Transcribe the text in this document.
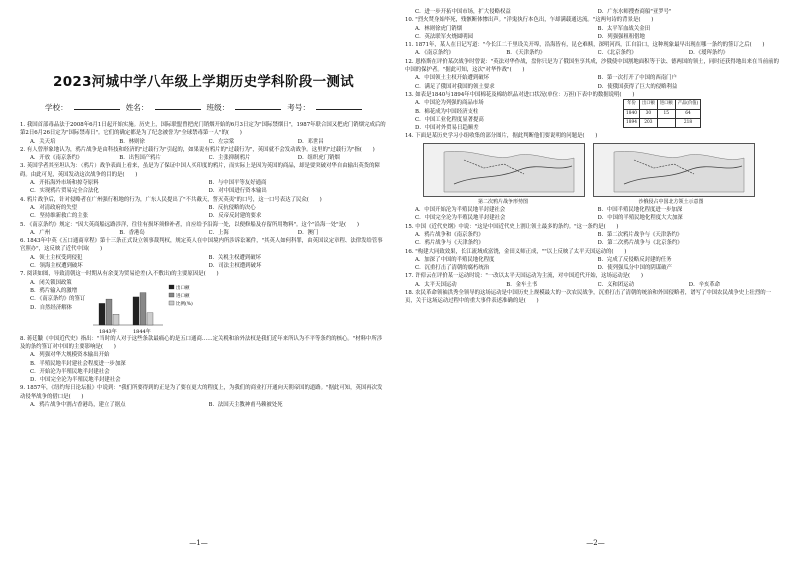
2023河城中学八年级上学期历史学科阶段一测试
学校：	姓名：	班级：	考号：
1. 我国首部毒品法于2008年6月1日起开始实施。历史上，国际联盟曾把虎门销烟开始的6月3日定为"国际禁烟日"，1987年联合国又把虎门销烟完成后的第2日6月26日定为"国际禁毒日"。它们的确定都是为了纪念被誉为"全球禁毒第一人"的(　　)
A．关天培	B．林则徐	C．左宗棠	D．邓世昌
2. 有人曾形象地认为，鸦片战争是由科技和经济的"过载行为"引起的，如果说有鸦片的"过载行为"，英国就不会发动战争。这里的"过载行为"指(　　)
A．开放《南京条约》	B．出售国产鸦片	C．主张抑制鸦片	D．组织虎门销烟
3. 英国学者其至坦认为：（鸦片）战争表面上看来，虽是为了保证中国人买印度的鸦片，而实际上是因为英国的商品，却是要突破对华自由输出英货的障碍。由此可见，英国发动这次战争的目的是(　　)
A．开拓海外市场和掠夺原料	B．与中国平等友好通商
C．实现鸦片贸易完全合法化	D．对中国进行资本输出
4. 鸦片战争后，针对侵略者在广州强行租地的行为，广东人民提出了"不共戴天，誓灭英夷"的口号，这一口号表达了民众(　　)
A．对清政府的失望	B．反抗侵略的决心
C．坚持维新救亡的主张	D．反帝反封建的要求
5. 《南京条约》规定："因大英商船远路涉洋，往往有损坏须修补者，自应给予沿海一处，以便修船及存留所用物料"。这个"沿海一处"是(　　)
A．广州	B．香港岛	C．上海	D．澳门
6. 1843年中英《五口通商章程》第十三条正式设立领事裁判权，规定英人在中国境内所涉诉讼案件，"其英人如何科罪，由英国议定章程、法律发给管事官照办"，这反映了近代中国(　　)
A．领土主权受到侵犯	B．关税主权遭到破坏
C．领海主权遭到破坏	D．司法主权遭到破坏
7. 阅读如图，导致清朝这一时期从有余变为贸易逆差(入不敷出)的主要原因是(　　)
A．闭关锁国政策
B．鸦片输入的激增
C．《南京条约》的签订
D．自然经济解体
1843年	1844年
出口额
进口额
比例(%)
8. 蒋廷黻《中国近代史》指出："当时的人对于这些条款最痛心的是五口通商……定关税和治外法权是我们近年来所认为不平等条约的核心。"材料中所涉及的条约签订对中国的主要影响是(　　)
A．列强对华大规模资本输出开始
B．半殖民地半封建社会程度进一步加深
C．开始沦为半殖民地半封建社会
D．中国完全沦为半殖民地半封建社会
9. 1857年，《纽约每日论坛报》中说到："我们所要得到的正是为了要在更大的程度上，为我们的商业打开通向天朝帝国的道路。"据此可知，英国再次发动侵华战争的借口是(　　)
A．鸦片战争中割占香港岛，建立了据点	B．法国天主教神甫马赖被处死
—1—
C．进一步开拓中国市场，扩大侵略权益	D．广东水师搜查商船"亚罗号"
10. "烈火焚身始毕死，残骸断体惨出声。"洋鬼执行本色出，乍却满载通达流。"这两句诗的背景是(　　)
A．林则徐虎门销烟	B．太平军血战关金田
C．英法联军火烧圆明园	D．列强强租租借地
11. 1871年，某人在日记写道："今长江二千里设关开埠，沿海皆有，昆仑难赎，深明河西，江自沿口，这种现象最早出现在哪一条约的签订之后(　　)
A．《南京条约》	B．《天津条约》	C．《北京条约》	D．《瑷珲条约》
12. 恩格斯在评价某次战争时曾说："英法对华作战，盘你只是为了俄国坐享其成，沙俄使中国割地面积等于法、德两国的领土，同时还获得地出来在当前前的中国的保护者。"据此可知，这次"对华作战"(　　)
A．中国领土主权开始遭到破坏	B．第一次打开了中国的西南门户
C．满足了俄国对我国的领土要求	D．使俄国获得了巨大的侵略利益
13. 如表是1840与1894年中国棉花及棉纺织品对进口状况(单位：万担)下表中的数据说明(　　)
A．中国沦为列强的商品市场
B．棉花成为中国经济支柱
C．中国工业化程度显著提高
D．中国对外贸易日趋顺差
年份	出口额	进口额	产品(价值)
1840	30	15	64
1894	203		218
14. 下面是某历史学习小组收集的部分图片，据此判断他们要说明的问题是(　　)
第二次鸦片战争形势图	沙俄侵占中国北方领土示意图
A．中国开始沦为半殖民地半封建社会	B．中国半殖民地化程度进一步加深
C．中国完全沦为半殖民地半封建社会	D．中国的半殖民地化程度大大加深
15. 中国《近代史纲》中说："这是中国近代史上割让领土最多的条约。"这一条约是(　　)
A．鸦片战争和《南京条约》	B．第二次鸦片战争与《天津条约》
C．鸦片战争与《天津条约》	D．第二次鸦片战争与《北京条约》
16. "构建大同致效果，长江流域成富饶，金田义师正成，""以上反映了太平天国运动的(　　)
A．加深了中国的半殖民地化程度	B．完成了反侵略反封建的任务
C．沉重打击了清朝的腐朽统治	D．使列强瓜分中国的阴谋破产
17. 许倬云在评价某一运动时说："一改以太平天国运动为主流，对中国近代开始，这场运动是(　　)
A．太平天国运动	B．金车土书	C．义和团运动	D．辛亥革命
18. 农民革命领袖洪秀全领导的这场运动是中国历史上规模最大的一次农民战争，沉重打击了清朝的统治和外国侵略者，谱写了中国农民战争史上壮烈的一页，关于这场运动过程中的重大事件表述准确的是(　　)
—2—
